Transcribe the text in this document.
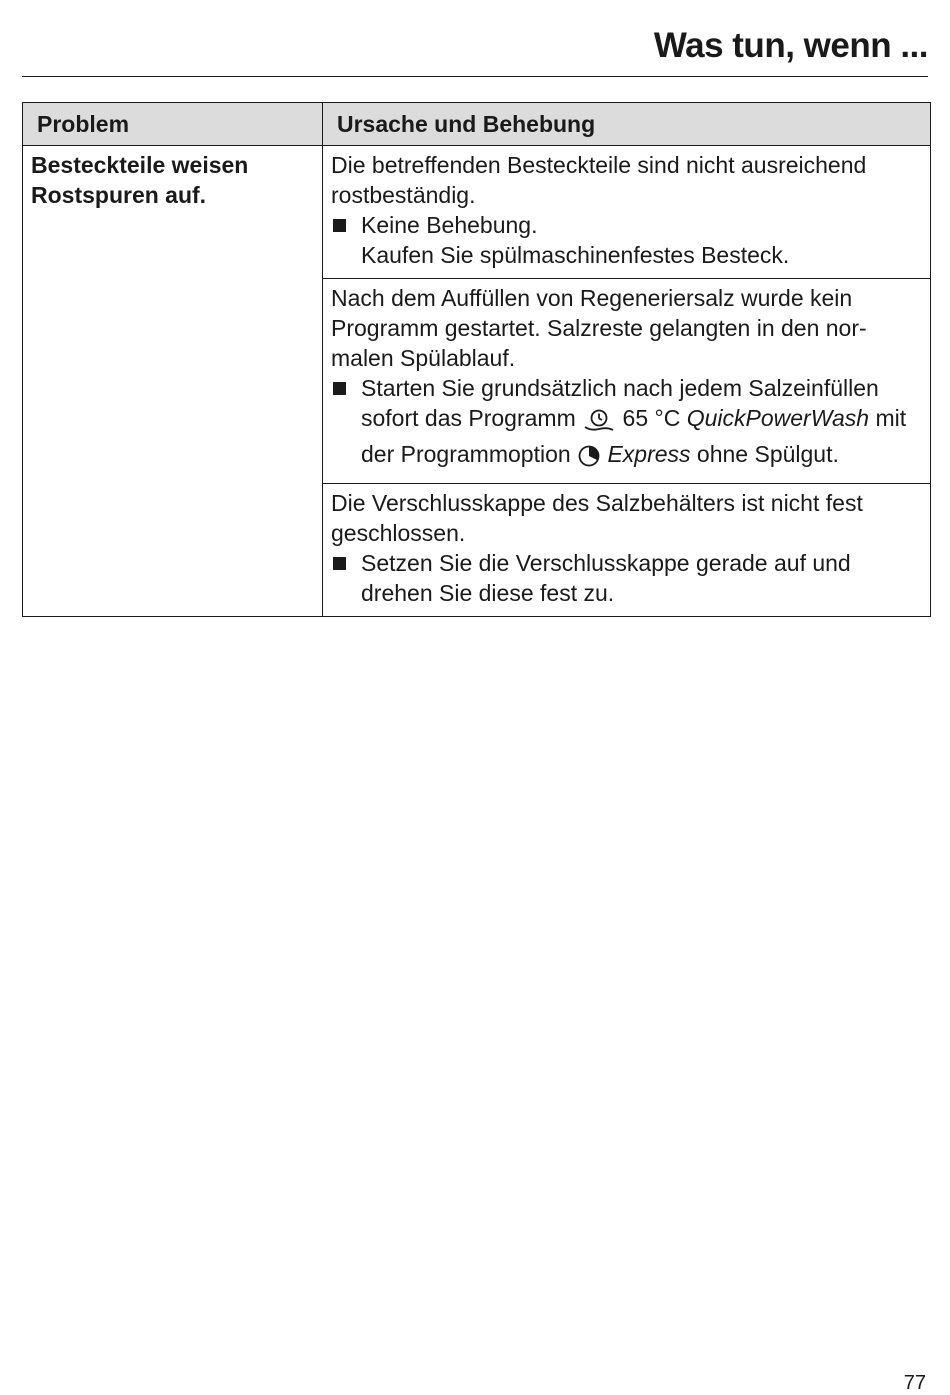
Was tun, wenn ...
Problem	Ursache und Behebung
Besteckteile weisen Rostspuren auf.	Die betreffenden Besteckteile sind nicht ausreichend rostbeständig.

Keine Behebung.
Kaufen Sie spülmaschinenfestes Besteck.

	Nach dem Auffüllen von Regeneriersalz wurde kein Programm gestartet. Salzreste gelangten in den nor-malen Spülablauf.

Starten Sie grundsätzlich nach jedem Salzeinfüllen sofort das Programm 65 °C QuickPowerWash mit der Programmoption Express ohne Spülgut.

	Die Verschlusskappe des Salzbehälters ist nicht fest geschlossen.

Setzen Sie die Verschlusskappe gerade auf und drehen Sie diese fest zu.
77
